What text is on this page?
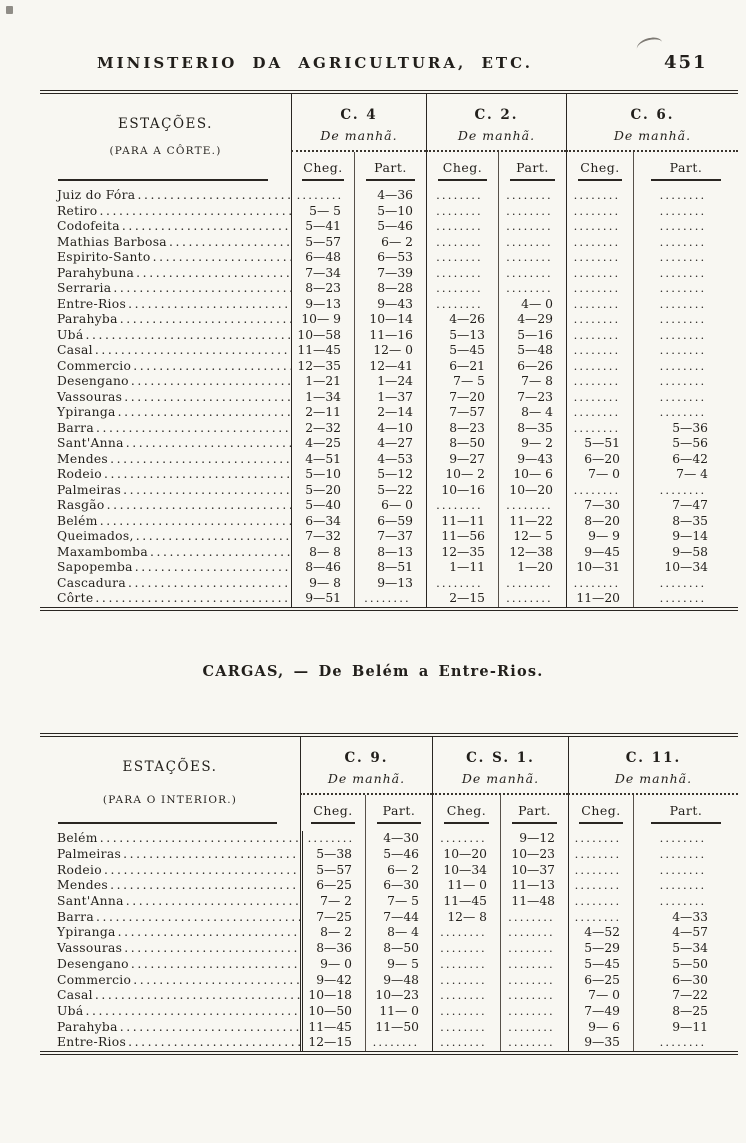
MINISTERIO DA AGRICULTURA, ETC.	451
ESTAÇÕES.
(PARA A CÔRTE.)
C. 4
De manhã.
C. 2.
De manhã.
C. 6.
De manhã.
Cheg.	Part.	Cheg.	Part.	Cheg.	Part.
Juiz do Fóra .....	........	4—36	........	........	........	........
Retiro .....	5— 5	5—10	........	........	........	........
Codofeita .....	5—41	5—46	........	........	........	........
Mathias Barbosa .....	5—57	6— 2	........	........	........	........
Espirito-Santo .....	6—48	6—53	........	........	........	........
Parahybuna .....	7—34	7—39	........	........	........	........
Serraria .....	8—23	8—28	........	........	........	........
Entre-Rios .....	9—13	9—43	........	4— 0	........	........
Parahyba .....	10— 9	10—14	4—26	4—29	........	........
Ubá .....	10—58	11—16	5—13	5—16	........	........
Casal .....	11—45	12— 0	5—45	5—48	........	........
Commercio .....	12—35	12—41	6—21	6—26	........	........
Desengano .....	1—21	1—24	7— 5	7— 8	........	........
Vassouras .....	1—34	1—37	7—20	7—23	........	........
Ypiranga .....	2—11	2—14	7—57	8— 4	........	........
Barra .....	2—32	4—10	8—23	8—35	........	5—36
Sant'Anna .....	4—25	4—27	8—50	9— 2	5—51	5—56
Mendes .....	4—51	4—53	9—27	9—43	6—20	6—42
Rodeio .....	5—10	5—12	10— 2	10— 6	7— 0	7— 4
Palmeiras .....	5—20	5—22	10—16	10—20	........	........
Rasgão .....	5—40	6— 0	........	........	7—30	7—47
Belém .....	6—34	6—59	11—11	11—22	8—20	8—35
Queimados, .....	7—32	7—37	11—56	12— 5	9— 9	9—14
Maxambomba .....	8— 8	8—13	12—35	12—38	9—45	9—58
Sapopemba .....	8—46	8—51	1—11	1—20	10—31	10—34
Cascadura .....	9— 8	9—13	........	........	........	........
Côrte .....	9—51	........	2—15	........	11—20	........
CARGAS, — De Belém a Entre-Rios.
ESTAÇÕES.
(PARA O INTERIOR.)
C. 9.
De manhã.
C. S. 1.
De manhã.
C. 11.
De manhã.
Cheg.	Part.	Cheg.	Part.	Cheg.	Part.
Belém .....	........	4—30	........	9—12	........	........
Palmeiras .....	5—38	5—46	10—20	10—23	........	........
Rodeio .....	5—57	6— 2	10—34	10—37	........	........
Mendes .....	6—25	6—30	11— 0	11—13	........	........
Sant'Anna .....	7— 2	7— 5	11—45	11—48	........	........
Barra .....	7—25	7—44	12— 8	........	........	4—33
Ypiranga .....	8— 2	8— 4	........	........	4—52	4—57
Vassouras .....	8—36	8—50	........	........	5—29	5—34
Desengano .....	9— 0	9— 5	........	........	5—45	5—50
Commercio .....	9—42	9—48	........	........	6—25	6—30
Casal .....	10—18	10—23	........	........	7— 0	7—22
Ubá .....	10—50	11— 0	........	........	7—49	8—25
Parahyba .....	11—45	11—50	........	........	9— 6	9—11
Entre-Rios .....	12—15	........	........	........	9—35	........
